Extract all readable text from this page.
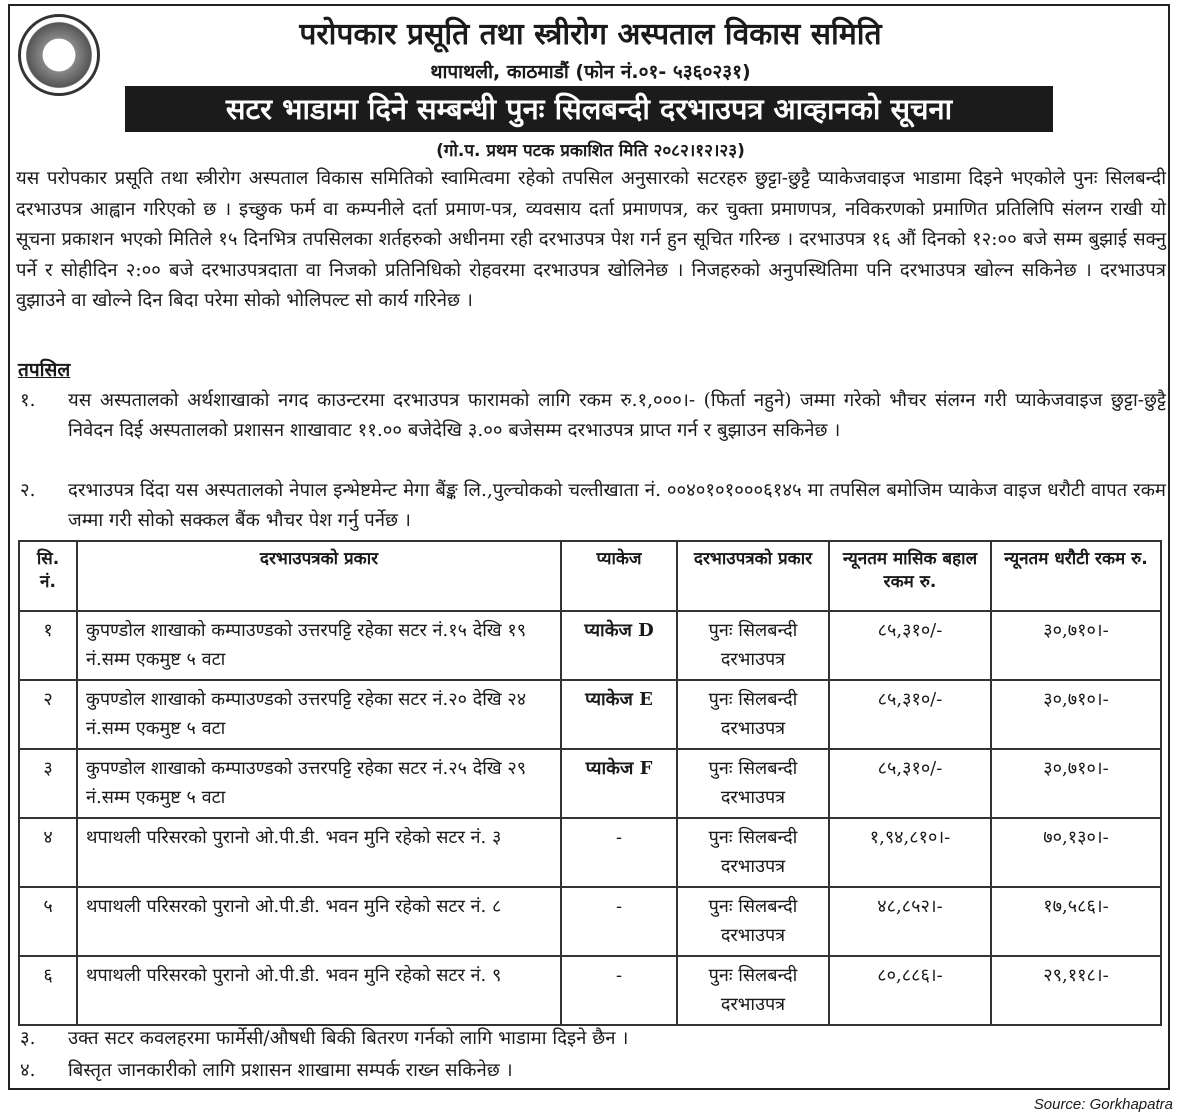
परोपकार प्रसूति तथा स्त्रीरोग अस्पताल विकास समिति
थापाथली, काठमाडौं (फोन नं.०१- ५३६०२३१)
सटर भाडामा दिने सम्बन्धी पुनः सिलबन्दी दरभाउपत्र आव्हानको सूचना
(गो.प. प्रथम पटक प्रकाशित मिति २०८२।१२।२३)
यस परोपकार प्रसूति तथा स्त्रीरोग अस्पताल विकास समितिको स्वामित्वमा रहेको तपसिल अनुसारको सटरहरु छुट्टा-छुट्टै प्याकेजवाइज भाडामा दिइने भएकोले पुनः सिलबन्दी दरभाउपत्र आह्वान गरिएको छ । इच्छुक फर्म वा कम्पनीले दर्ता प्रमाण-पत्र, व्यवसाय दर्ता प्रमाणपत्र, कर चुक्ता प्रमाणपत्र, नविकरणको प्रमाणित प्रतिलिपि संलग्न राखी यो सूचना प्रकाशन भएको मितिले १५ दिनभित्र तपसिलका शर्तहरुको अधीनमा रही दरभाउपत्र पेश गर्न हुन सूचित गरिन्छ । दरभाउपत्र १६ औं दिनको १२:०० बजे सम्म बुझाई सक्नु पर्ने र सोहीदिन २:०० बजे दरभाउपत्रदाता वा निजको प्रतिनिधिको रोहवरमा दरभाउपत्र खोलिनेछ । निजहरुको अनुपस्थितिमा पनि दरभाउपत्र खोल्न सकिनेछ । दरभाउपत्र वुझाउने वा खोल्ने दिन बिदा परेमा सोको भोलिपल्ट सो कार्य गरिनेछ ।
तपसिल
१.	यस अस्पतालको अर्थशाखाको नगद काउन्टरमा दरभाउपत्र फारामको लागि रकम रु.१,०००।- (फिर्ता नहुने) जम्मा गरेको भौचर संलग्न गरी प्याकेजवाइज छुट्टा-छुट्टै निवेदन दिई अस्पतालको प्रशासन शाखावाट ११.०० बजेदेखि ३.०० बजेसम्म दरभाउपत्र प्राप्त गर्न र बुझाउन सकिनेछ ।
२.	दरभाउपत्र दिंदा यस अस्पतालको नेपाल इन्भेष्टमेन्ट मेगा बैंङ्क लि.,पुल्चोकको चल्तीखाता नं. ००४०१०१०००६१४५ मा तपसिल बमोजिम प्याकेज वाइज धरौटी वापत रकम जम्मा गरी सोको सक्कल बैंक भौचर पेश गर्नु पर्नेछ ।
सि. नं.	दरभाउपत्रको प्रकार	प्याकेज	दरभाउपत्रको प्रकार	न्यूनतम मासिक बहाल रकम रु.	न्यूनतम धरौटी रकम रु.
१	कुपण्डोल शाखाको कम्पाउण्डको उत्तरपट्टि रहेका सटर नं.१५ देखि १९ नं.सम्म एकमुष्ट ५ वटा	प्याकेज D	पुनः सिलबन्दी दरभाउपत्र	८५,३१०/-	३०,७१०।-
२	कुपण्डोल शाखाको कम्पाउण्डको उत्तरपट्टि रहेका सटर नं.२० देखि २४ नं.सम्म एकमुष्ट ५ वटा	प्याकेज E	पुनः सिलबन्दी दरभाउपत्र	८५,३१०/-	३०,७१०।-
३	कुपण्डोल शाखाको कम्पाउण्डको उत्तरपट्टि रहेका सटर नं.२५ देखि २९ नं.सम्म एकमुष्ट ५ वटा	प्याकेज F	पुनः सिलबन्दी दरभाउपत्र	८५,३१०/-	३०,७१०।-
४	थपाथली परिसरको पुरानो ओ.पी.डी. भवन मुनि रहेको सटर नं. ३	-	पुनः सिलबन्दी दरभाउपत्र	१,९४,८१०।-	७०,१३०।-
५	थपाथली परिसरको पुरानो ओ.पी.डी. भवन मुनि रहेको सटर नं. ८	-	पुनः सिलबन्दी दरभाउपत्र	४८,८५२।-	१७,५८६।-
६	थपाथली परिसरको पुरानो ओ.पी.डी. भवन मुनि रहेको सटर नं. ९	-	पुनः सिलबन्दी दरभाउपत्र	८०,८८६।-	२९,११८।-
३.	उक्त सटर कवलहरमा फार्मेसी/औषधी बिकी बितरण गर्नको लागि भाडामा दिइने छैन ।
४.	बिस्तृत जानकारीको लागि प्रशासन शाखामा सम्पर्क राख्न सकिनेछ ।
Source: Gorkhapatra
